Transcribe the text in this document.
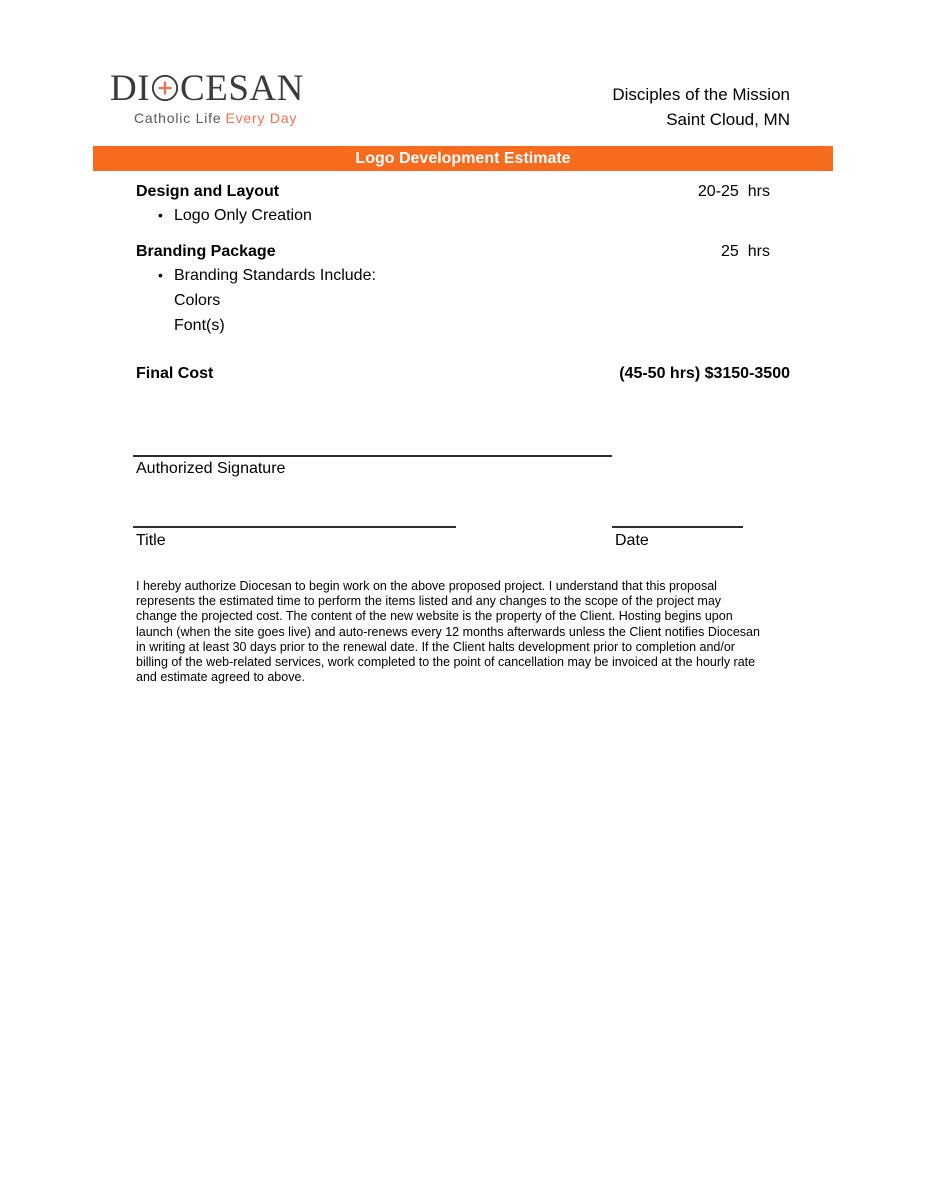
DI CESAN
Catholic Life Every Day
Disciples of the Mission
Saint Cloud, MN
Logo Development Estimate
Design and Layout	20-25 hrs
• Logo Only Creation
Branding Package	25 hrs
• Branding Standards Include:
Colors
Font(s)
Final Cost	(45-50 hrs) $3150-3500
Authorized Signature
Title	Date
I hereby authorize Diocesan to begin work on the above proposed project. I understand that this proposal represents the estimated time to perform the items listed and any changes to the scope of the project may change the projected cost. The content of the new website is the property of the Client. Hosting begins upon launch (when the site goes live) and auto-renews every 12 months afterwards unless the Client notifies Diocesan in writing at least 30 days prior to the renewal date. If the Client halts development prior to completion and/or billing of the web-related services, work completed to the point of cancellation may be invoiced at the hourly rate and estimate agreed to above.
